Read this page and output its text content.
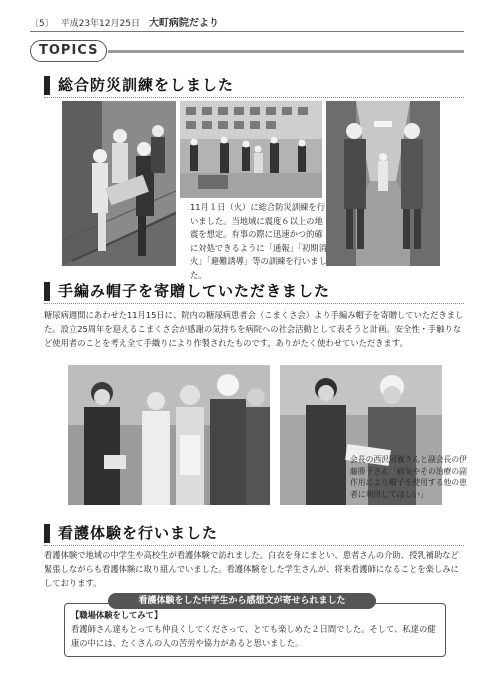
〔5〕 平成23年12月25日 大町病院だより
TOPICS
総合防災訓練をしました
11月１日（火）に総合防災訓練を行いました。当地域に震度６以上の地震を想定。有事の際に迅速かつ的確に対処できるように「通報」「初期消火」「避難誘導」等の訓練を行いました。
手編み帽子を寄贈していただきました
糖尿病週間にあわせた11月15日に、院内の糖尿病患者会（こまくさ会）より手編み帽子を寄贈していただきました。設立25周年を迎えるこまくさ会が感謝の気持ちを病院への社会活動として表そうと計画。安全性・手触りなど使用者のことを考え全て手織りにより作製されたものです。ありがたく使わせていただきます。
会長の西沢国義さんと副会長の伊藤勝子さん「病気やその治療の副作用により帽子を使用する他の患者に利用してほしい」
看護体験を行いました
看護体験で地域の中学生や高校生が看護体験で訪れました。白衣を身にまとい、患者さんの介助、授乳補助など緊張しながらも看護体験に取り組んでいました。看護体験をした学生さんが、将来看護師になることを楽しみにしております。
【職場体験をしてみて】
看護師さん達もとっても仲良くしてくださって、とても楽しめた２日間でした。そして、私達の健康の中には、たくさんの人の苦労や協力があると思いました。
看護体験をした中学生から感想文が寄せられました
